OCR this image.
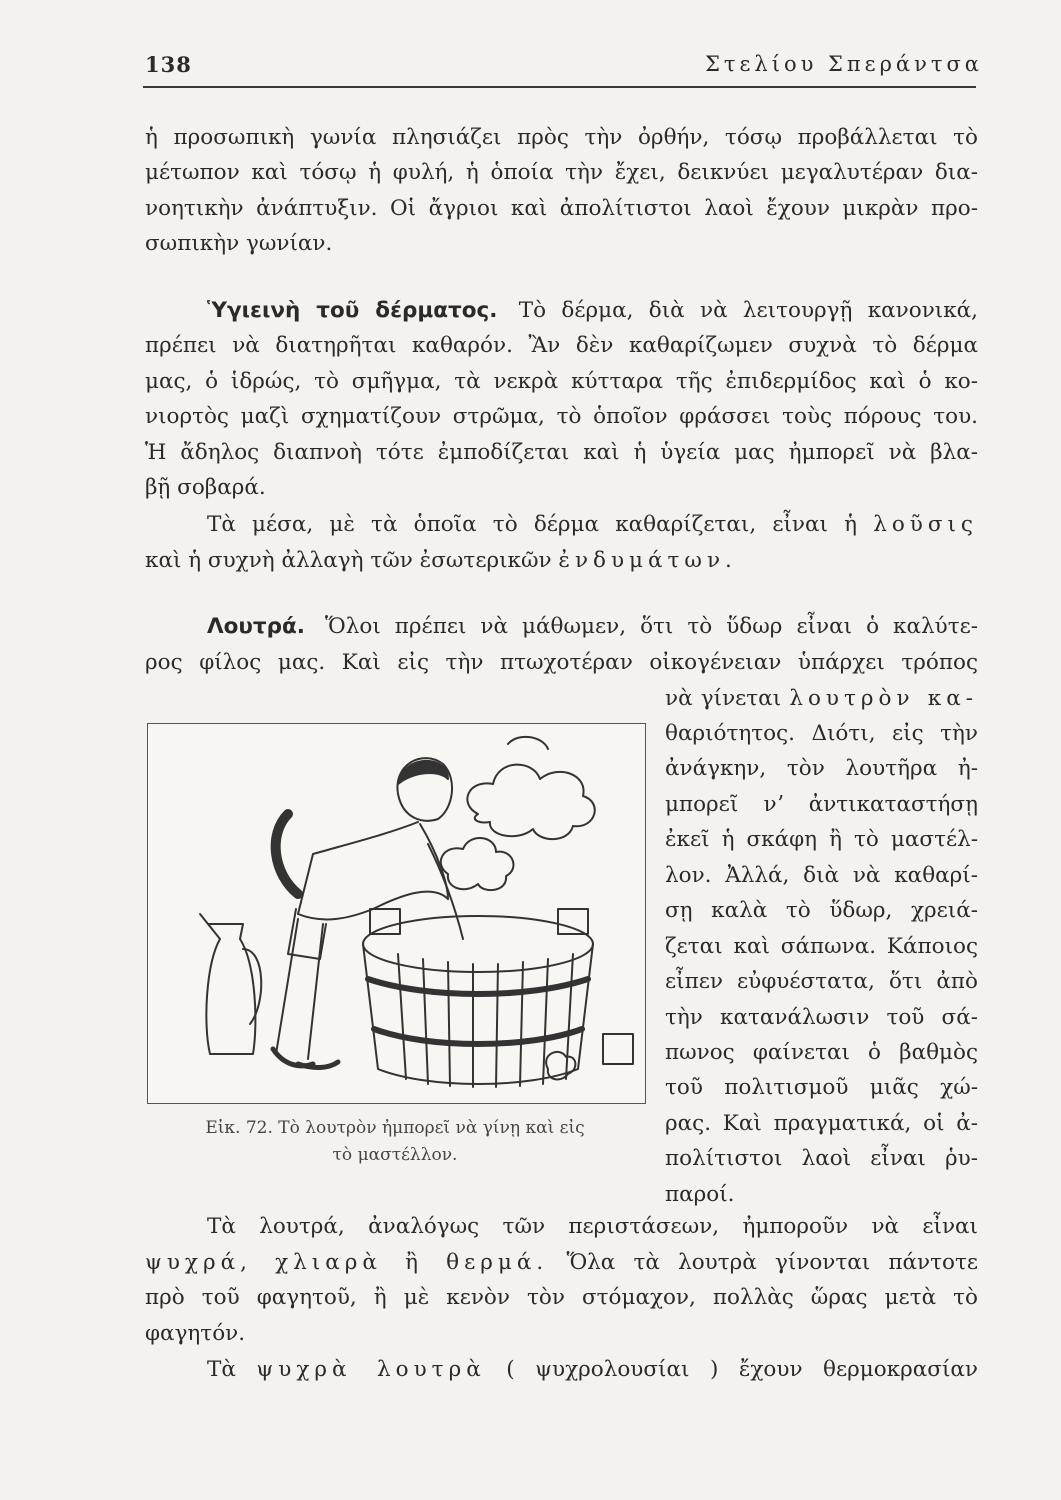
138	Στελίου Σπεράντσα
ἡ προσωπικὴ γωνία πλησιάζει πρὸς τὴν ὀρθήν, τόσῳ προβάλλεται τὸ
μέτωπον καὶ τόσῳ ἡ φυλή, ἡ ὁποία τὴν ἔχει, δεικνύει μεγαλυτέραν δια-
νοητικὴν ἀνάπτυξιν. Οἱ ἄγριοι καὶ ἀπολίτιστοι λαοὶ ἔχουν μικρὰν προ-
σωπικὴν γωνίαν.
Ὑγιεινὴ τοῦ δέρματος. Τὸ δέρμα, διὰ νὰ λειτουργῇ κανονικά,
πρέπει νὰ διατηρῆται καθαρόν. Ἂν δὲν καθαρίζωμεν συχνὰ τὸ δέρμα
μας, ὁ ἱδρώς, τὸ σμῆγμα, τὰ νεκρὰ κύτταρα τῆς ἐπιδερμίδος καὶ ὁ κο-
νιορτὸς μαζὶ σχηματίζουν στρῶμα, τὸ ὁποῖον φράσσει τοὺς πόρους του.
Ἡ ἄδηλος διαπνοὴ τότε ἐμποδίζεται καὶ ἡ ὑγεία μας ἠμπορεῖ νὰ βλα-
βῇ σοβαρά.
Τὰ μέσα, μὲ τὰ ὁποῖα τὸ δέρμα καθαρίζεται, εἶναι ἡ λοῦσις
καὶ ἡ συχνὴ ἀλλαγὴ τῶν ἐσωτερικῶν ἐνδυμάτων.
Λουτρά. Ὅλοι πρέπει νὰ μάθωμεν, ὅτι τὸ ὕδωρ εἶναι ὁ καλύτε-
ρος φίλος μας. Καὶ εἰς τὴν πτωχοτέραν οἰκογένειαν ὑπάρχει τρόπος
νὰ γίνεται λουτρὸν κα-
θαριότητος. Διότι, εἰς τὴν
ἀνάγκην, τὸν λουτῆρα ἠ-
μπορεῖ νʼ ἀντικαταστήσῃ
ἐκεῖ ἡ σκάφη ἢ τὸ μαστέλ-
λον. Ἀλλά, διὰ νὰ καθαρί-
σῃ καλὰ τὸ ὕδωρ, χρειά-
ζεται καὶ σάπωνα. Κάποιος
εἶπεν εὐφυέστατα, ὅτι ἀπὸ
τὴν κατανάλωσιν τοῦ σά-
πωνος φαίνεται ὁ βαθμὸς
τοῦ πολιτισμοῦ μιᾶς χώ-
ρας. Καὶ πραγματικά, οἱ ἀ-
πολίτιστοι λαοὶ εἶναι ῥυ-
παροί.
Εἰκ. 72. Τὸ λουτρὸν ἠμπορεῖ νὰ γίνῃ καὶ εἰς
τὸ μαστέλλον.
Τὰ λουτρά, ἀναλόγως τῶν περιστάσεων, ἠμποροῦν νὰ εἶναι
ψυχρά, χλιαρὰ ἢ θερμά. Ὅλα τὰ λουτρὰ γίνονται πάντοτε
πρὸ τοῦ φαγητοῦ, ἢ μὲ κενὸν τὸν στόμαχον, πολλὰς ὥρας μετὰ τὸ
φαγητόν.
Τὰ ψυχρὰ λουτρὰ ( ψυχρολουσίαι ) ἔχουν θερμοκρασίαν
